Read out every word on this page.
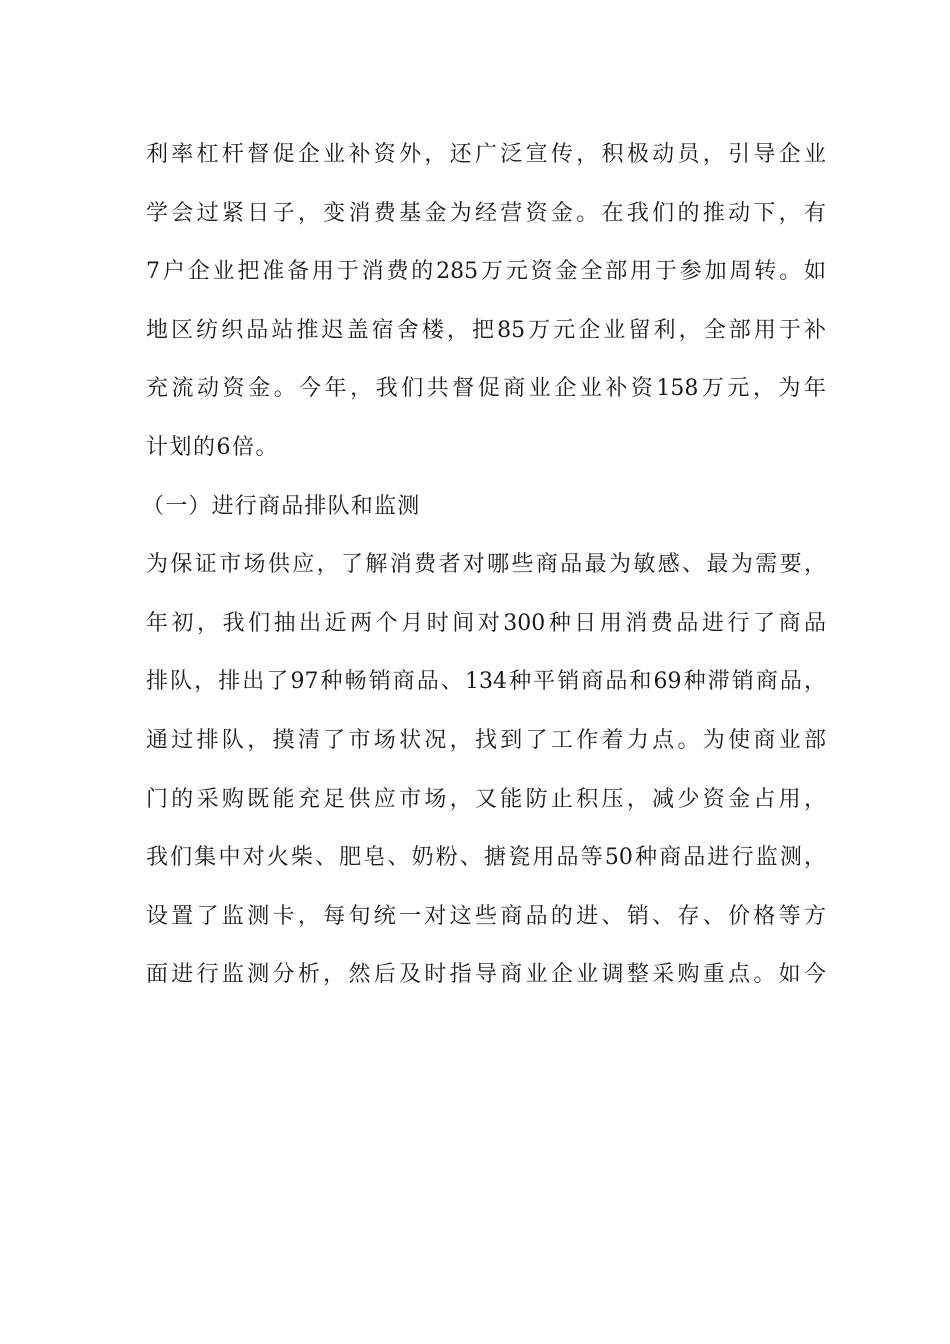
利率杠杆督促企业补资外，还广泛宣传，积极动员，引导企业
学会过紧日子，变消费基金为经营资金。在我们的推动下，有
7户企业把准备用于消费的285万元资金全部用于参加周转。如
地区纺织品站推迟盖宿舍楼，把85万元企业留利，全部用于补
充流动资金。今年，我们共督促商业企业补资158万元，为年
计划的6倍。
（一）进行商品排队和监测
为保证市场供应，了解消费者对哪些商品最为敏感、最为需要，
年初，我们抽出近两个月时间对300种日用消费品进行了商品
排队，排出了97种畅销商品、134种平销商品和69种滞销商品，
通过排队，摸清了市场状况，找到了工作着力点。为使商业部
门的采购既能充足供应市场，又能防止积压，减少资金占用，
我们集中对火柴、肥皂、奶粉、搪瓷用品等50种商品进行监测，
设置了监测卡，每旬统一对这些商品的进、销、存、价格等方
面进行监测分析，然后及时指导商业企业调整采购重点。如今
